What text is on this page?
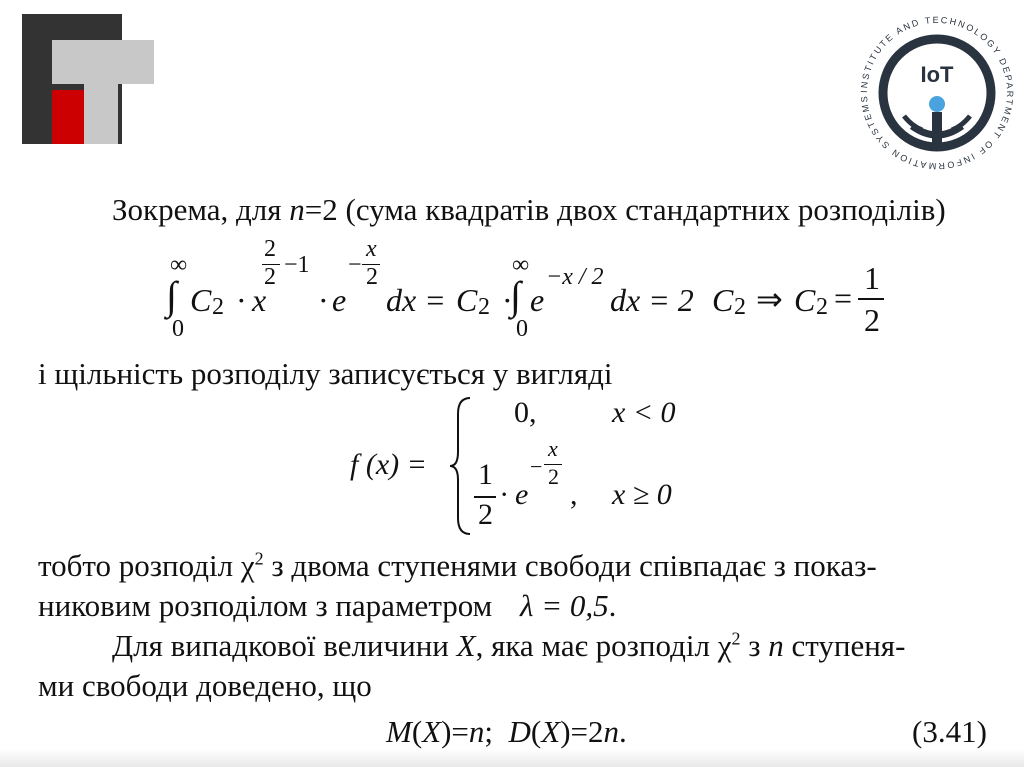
INSTITUTE AND TECHNOLOGY DEPARTMENT OF INFORMATION SYSTEMS
IoT
Зокрема, для n=2 (сума квадратів двох стандартних розподілів)
∞
∫
0
C 2 · x
2
2 −1
· e
−
x
2
dx = C 2 ·
∞
∫
0
e
−x / 2
dx = 2 C 2 ⇒ C 2 =
1
2
і щільність розподілу записується у вигляді
f (x) =
0,	x < 0
1
2
· e
−
x
2
, x ≥ 0
тобто розподіл $\chi^2$ з двома ступенями свободи співпадає з показ-
никовим розподілом з параметром λ = 0,5.
Для випадкової величини X, яка має розподіл $\chi^2$ з n ступеня-
ми свободи доведено, що
M(X)=n;  D(X)=2n.	(3.41)
